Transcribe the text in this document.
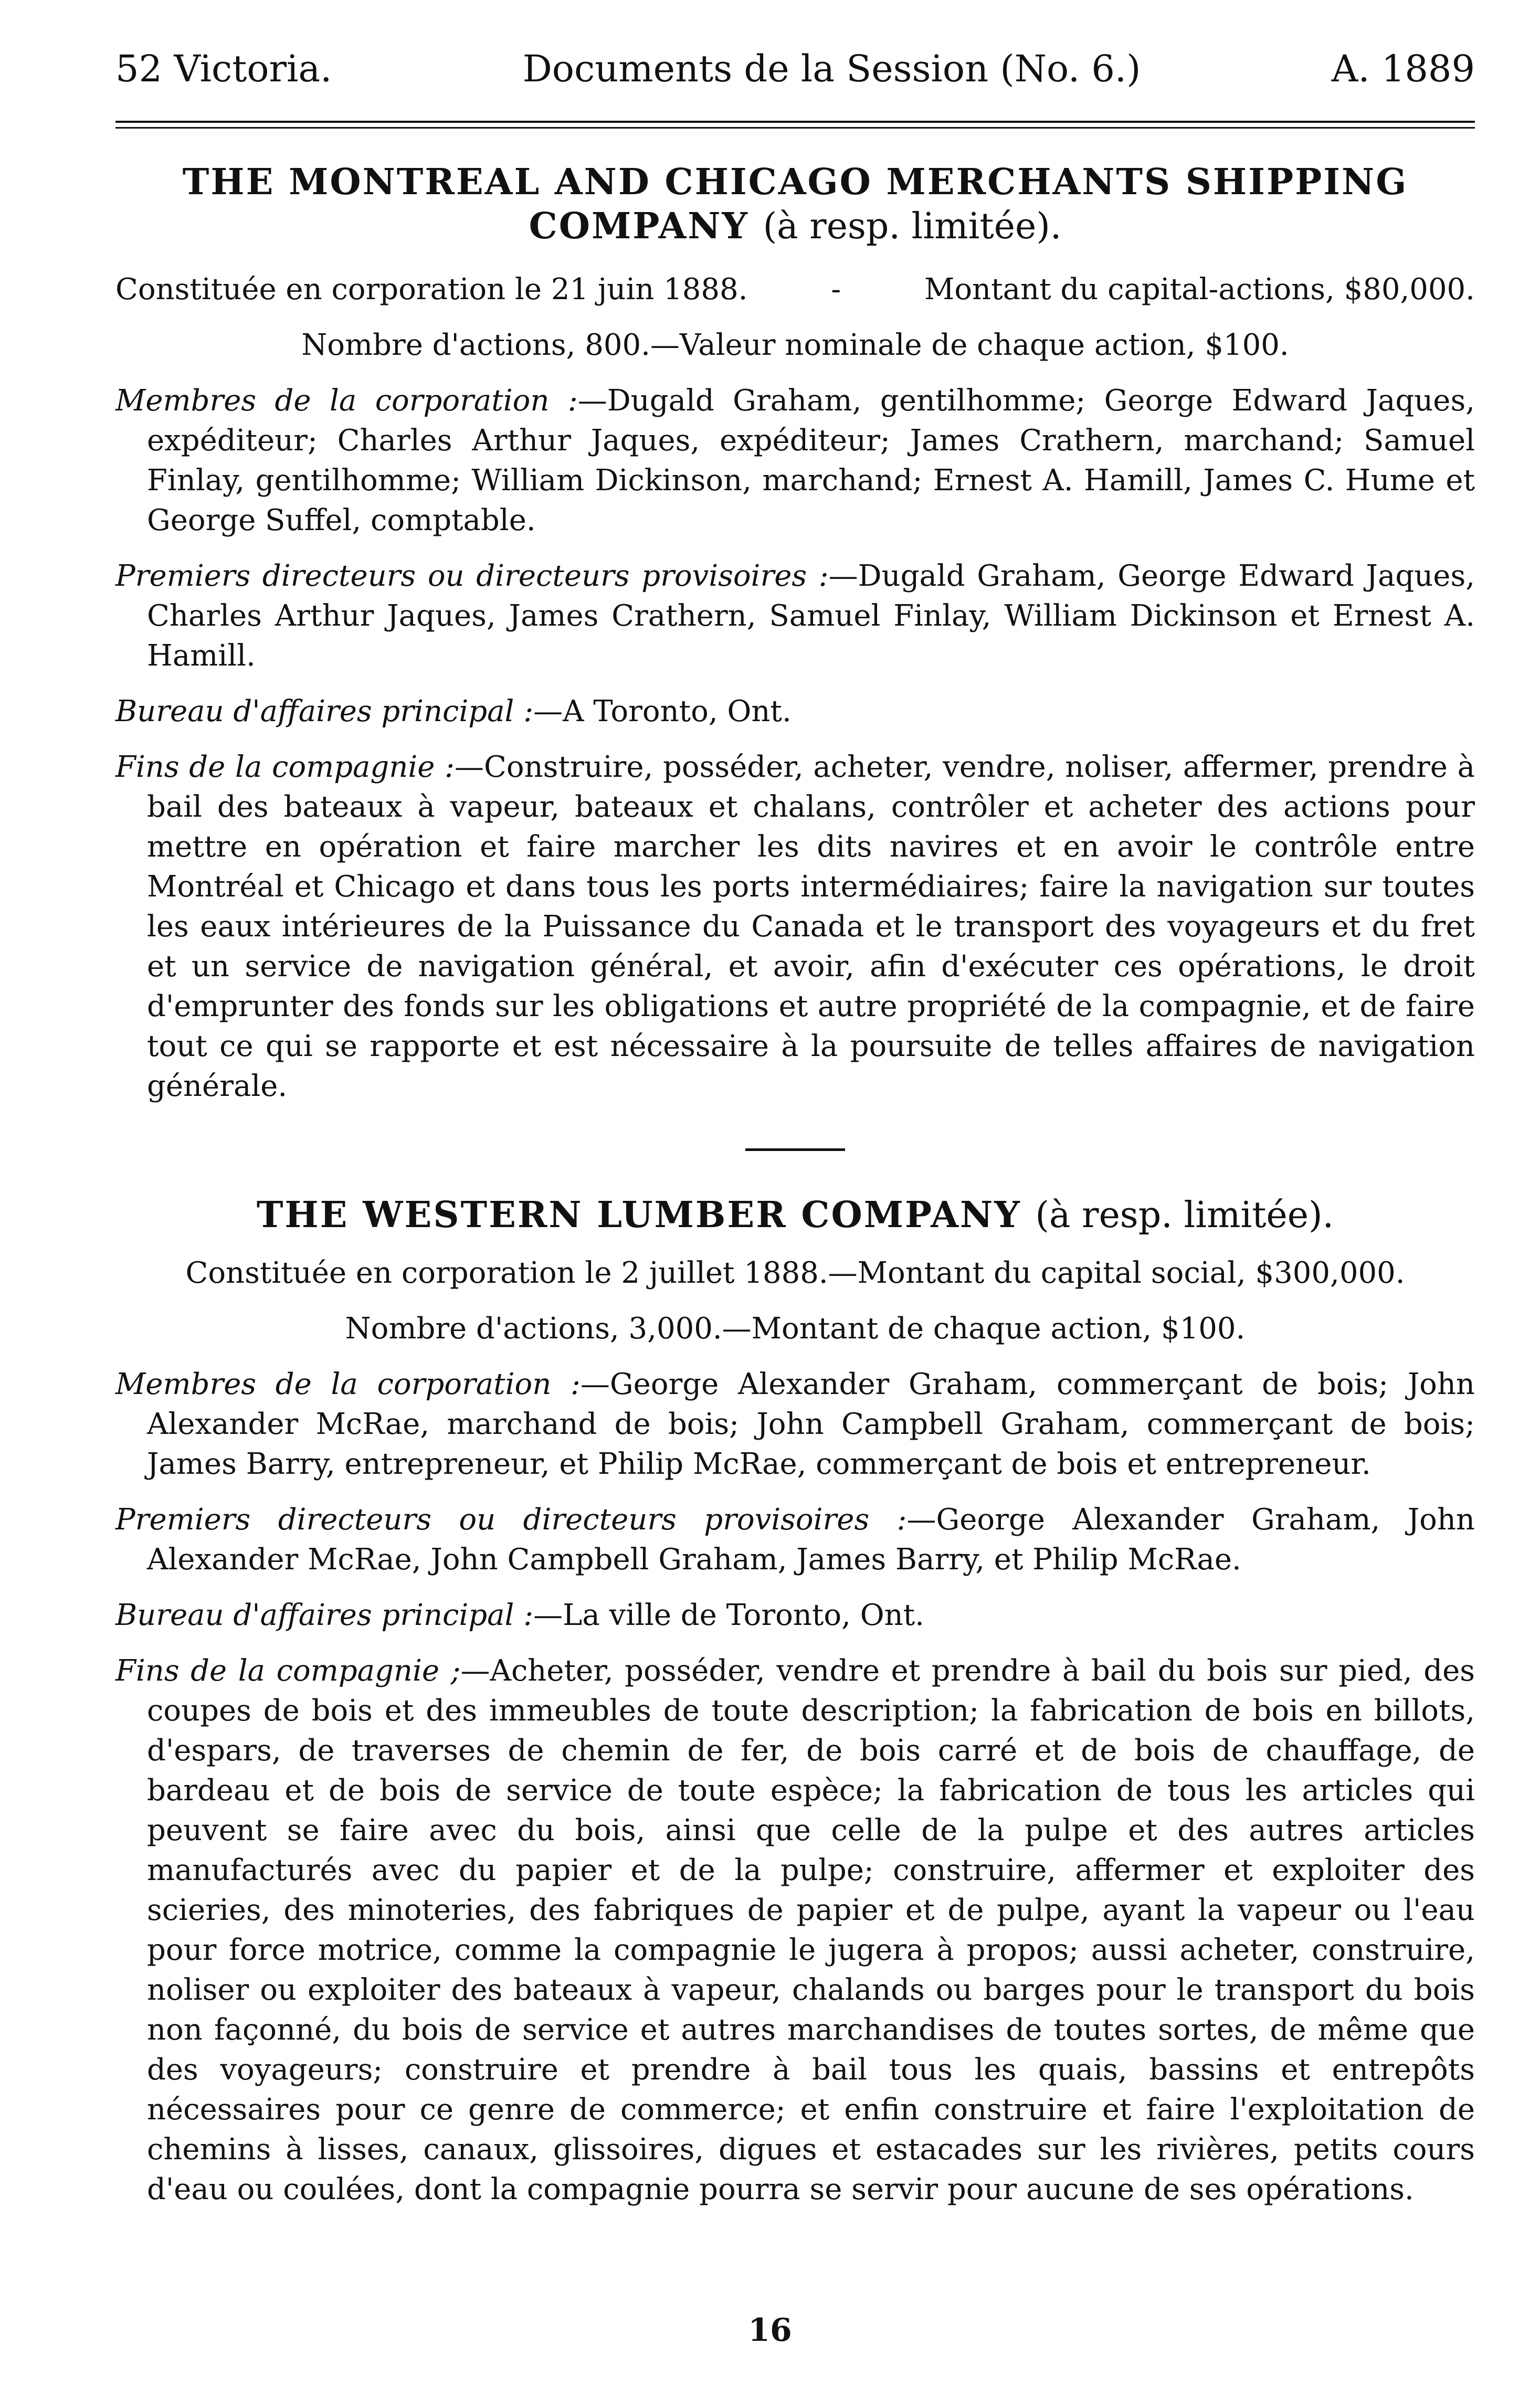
52 Victoria.	Documents de la Session (No. 6.)	A. 1889
THE MONTREAL AND CHICAGO MERCHANTS SHIPPING COMPANY (à resp. limitée).

Constituée en corporation le 21 juin 1888.	-	Montant du capital-actions, $80,000.

Nombre d'actions, 800.—Valeur nominale de chaque action, $100.

Membres de la corporation :—Dugald Graham, gentilhomme; George Edward Jaques, expéditeur; Charles Arthur Jaques, expéditeur; James Crathern, marchand; Samuel Finlay, gentilhomme; William Dickinson, marchand; Ernest A. Hamill, James C. Hume et George Suffel, comptable.

Premiers directeurs ou directeurs provisoires :—Dugald Graham, George Edward Jaques, Charles Arthur Jaques, James Crathern, Samuel Finlay, William Dickinson et Ernest A. Hamill.

Bureau d'affaires principal :—A Toronto, Ont.

Fins de la compagnie :—Construire, posséder, acheter, vendre, noliser, affermer, prendre à bail des bateaux à vapeur, bateaux et chalans, contrôler et acheter des actions pour mettre en opération et faire marcher les dits navires et en avoir le contrôle entre Montréal et Chicago et dans tous les ports intermédiaires; faire la navigation sur toutes les eaux intérieures de la Puissance du Canada et le transport des voyageurs et du fret et un service de navigation général, et avoir, afin d'exécuter ces opérations, le droit d'emprunter des fonds sur les obligations et autre propriété de la compagnie, et de faire tout ce qui se rapporte et est nécessaire à la poursuite de telles affaires de navigation générale.

THE WESTERN LUMBER COMPANY (à resp. limitée).

Constituée en corporation le 2 juillet 1888.—Montant du capital social, $300,000.

Nombre d'actions, 3,000.—Montant de chaque action, $100.

Membres de la corporation :—George Alexander Graham, commerçant de bois; John Alexander McRae, marchand de bois; John Campbell Graham, commerçant de bois; James Barry, entrepreneur, et Philip McRae, commerçant de bois et entrepreneur.

Premiers directeurs ou directeurs provisoires :—George Alexander Graham, John Alexander McRae, John Campbell Graham, James Barry, et Philip McRae.

Bureau d'affaires principal :—La ville de Toronto, Ont.

Fins de la compagnie ;—Acheter, posséder, vendre et prendre à bail du bois sur pied, des coupes de bois et des immeubles de toute description; la fabrication de bois en billots, d'espars, de traverses de chemin de fer, de bois carré et de bois de chauffage, de bardeau et de bois de service de toute espèce; la fabrication de tous les articles qui peuvent se faire avec du bois, ainsi que celle de la pulpe et des autres articles manufacturés avec du papier et de la pulpe; construire, affermer et exploiter des scieries, des minoteries, des fabriques de papier et de pulpe, ayant la vapeur ou l'eau pour force motrice, comme la compagnie le jugera à propos; aussi acheter, construire, noliser ou exploiter des bateaux à vapeur, chalands ou barges pour le transport du bois non façonné, du bois de service et autres marchandises de toutes sortes, de même que des voyageurs; construire et prendre à bail tous les quais, bassins et entrepôts nécessaires pour ce genre de commerce; et enfin construire et faire l'exploitation de chemins à lisses, canaux, glissoires, digues et estacades sur les rivières, petits cours d'eau ou coulées, dont la compagnie pourra se servir pour aucune de ses opérations.

16
